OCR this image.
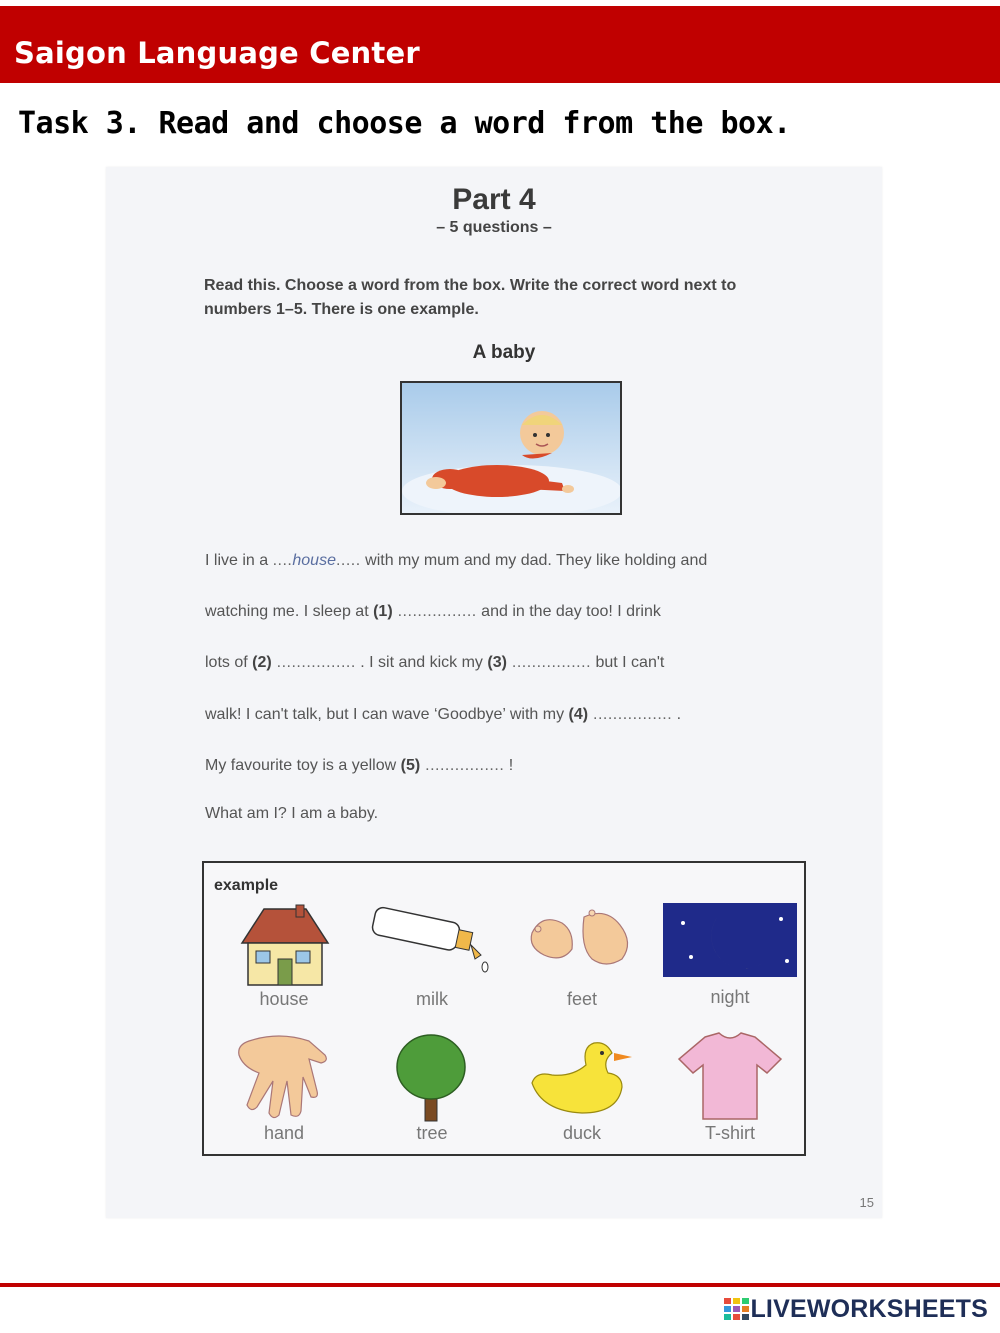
Saigon Language Center
Task 3. Read and choose a word from the box.
Part 4
– 5 questions –
Read this. Choose a word from the box. Write the correct word next to numbers 1–5. There is one example.
A baby
I live in a ....house..... with my mum and my dad. They like holding and
watching me. I sleep at (1) ................ and in the day too! I drink
lots of (2) ................ . I sit and kick my (3) ................ but I can't
walk! I can't talk, but I can wave ‘Goodbye’ with my (4) ................ .
My favourite toy is a yellow (5) ................ !
What am I? I am a baby.
example
house	milk	feet	night
hand	tree	duck	T-shirt
15
LIVEWORKSHEETS
